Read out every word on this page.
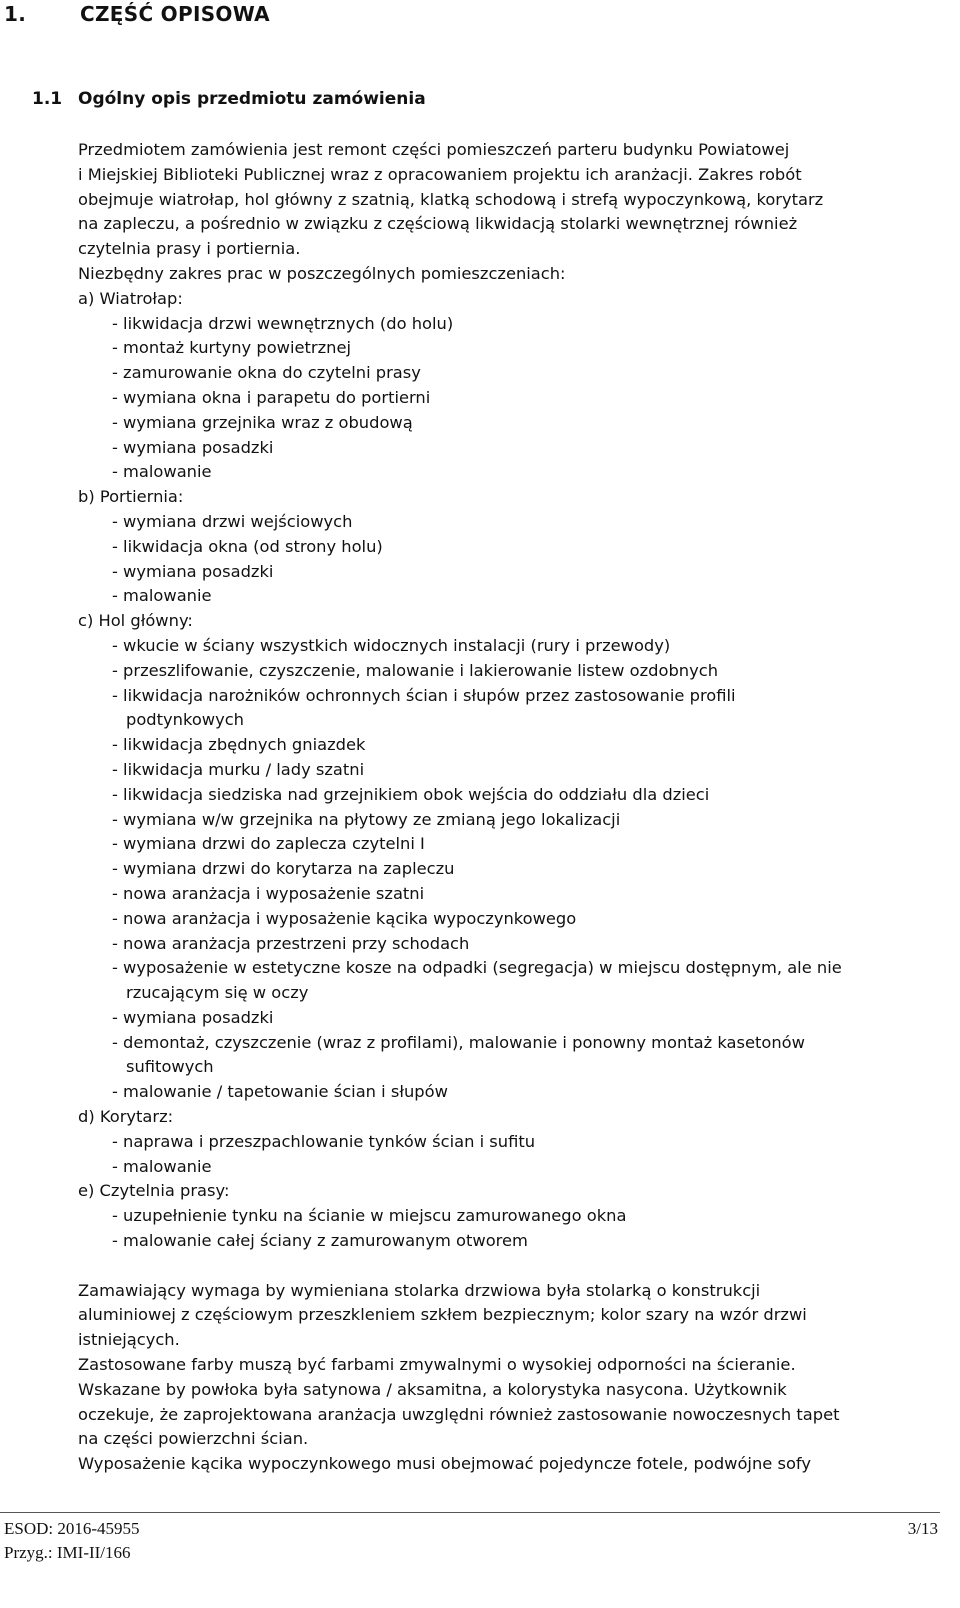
1.	CZĘŚĆ OPISOWA
1.1 Ogólny opis przedmiotu zamówienia
Przedmiotem zamówienia jest remont części pomieszczeń parteru budynku Powiatowej
i Miejskiej Biblioteki Publicznej wraz z opracowaniem projektu ich aranżacji. Zakres robót
obejmuje wiatrołap, hol główny z szatnią, klatką schodową i strefą wypoczynkową, korytarz
na zapleczu, a pośrednio w związku z częściową likwidacją stolarki wewnętrznej również
czytelnia prasy i portiernia.
Niezbędny zakres prac w poszczególnych pomieszczeniach:
a) Wiatrołap:
- likwidacja drzwi wewnętrznych (do holu)
- montaż kurtyny powietrznej
- zamurowanie okna do czytelni prasy
- wymiana okna i parapetu do portierni
- wymiana grzejnika wraz z obudową
- wymiana posadzki
- malowanie
b) Portiernia:
- wymiana drzwi wejściowych
- likwidacja okna (od strony holu)
- wymiana posadzki
- malowanie
c) Hol główny:
- wkucie w ściany wszystkich widocznych instalacji (rury i przewody)
- przeszlifowanie, czyszczenie, malowanie i lakierowanie listew ozdobnych
- likwidacja narożników ochronnych ścian i słupów przez zastosowanie profili
podtynkowych
- likwidacja zbędnych gniazdek
- likwidacja murku / lady szatni
- likwidacja siedziska nad grzejnikiem obok wejścia do oddziału dla dzieci
- wymiana w/w grzejnika na płytowy ze zmianą jego lokalizacji
- wymiana drzwi do zaplecza czytelni I
- wymiana drzwi do korytarza na zapleczu
- nowa aranżacja i wyposażenie szatni
- nowa aranżacja i wyposażenie kącika wypoczynkowego
- nowa aranżacja przestrzeni przy schodach
- wyposażenie w estetyczne kosze na odpadki (segregacja) w miejscu dostępnym, ale nie
rzucającym się w oczy
- wymiana posadzki
- demontaż, czyszczenie (wraz z profilami), malowanie i ponowny montaż kasetonów
sufitowych
- malowanie / tapetowanie ścian i słupów
d) Korytarz:
- naprawa i przeszpachlowanie tynków ścian i sufitu
- malowanie
e) Czytelnia prasy:
- uzupełnienie tynku na ścianie w miejscu zamurowanego okna
- malowanie całej ściany z zamurowanym otworem
Zamawiający wymaga by wymieniana stolarka drzwiowa była stolarką o konstrukcji
aluminiowej z częściowym przeszkleniem szkłem bezpiecznym; kolor szary na wzór drzwi
istniejących.
Zastosowane farby muszą być farbami zmywalnymi o wysokiej odporności na ścieranie.
Wskazane by powłoka była satynowa / aksamitna, a kolorystyka nasycona. Użytkownik
oczekuje, że zaprojektowana aranżacja uwzględni również zastosowanie nowoczesnych tapet
na części powierzchni ścian.
Wyposażenie kącika wypoczynkowego musi obejmować pojedyncze fotele, podwójne sofy
ESOD: 2016-45955	3/13
Przyg.: IMI-II/166
